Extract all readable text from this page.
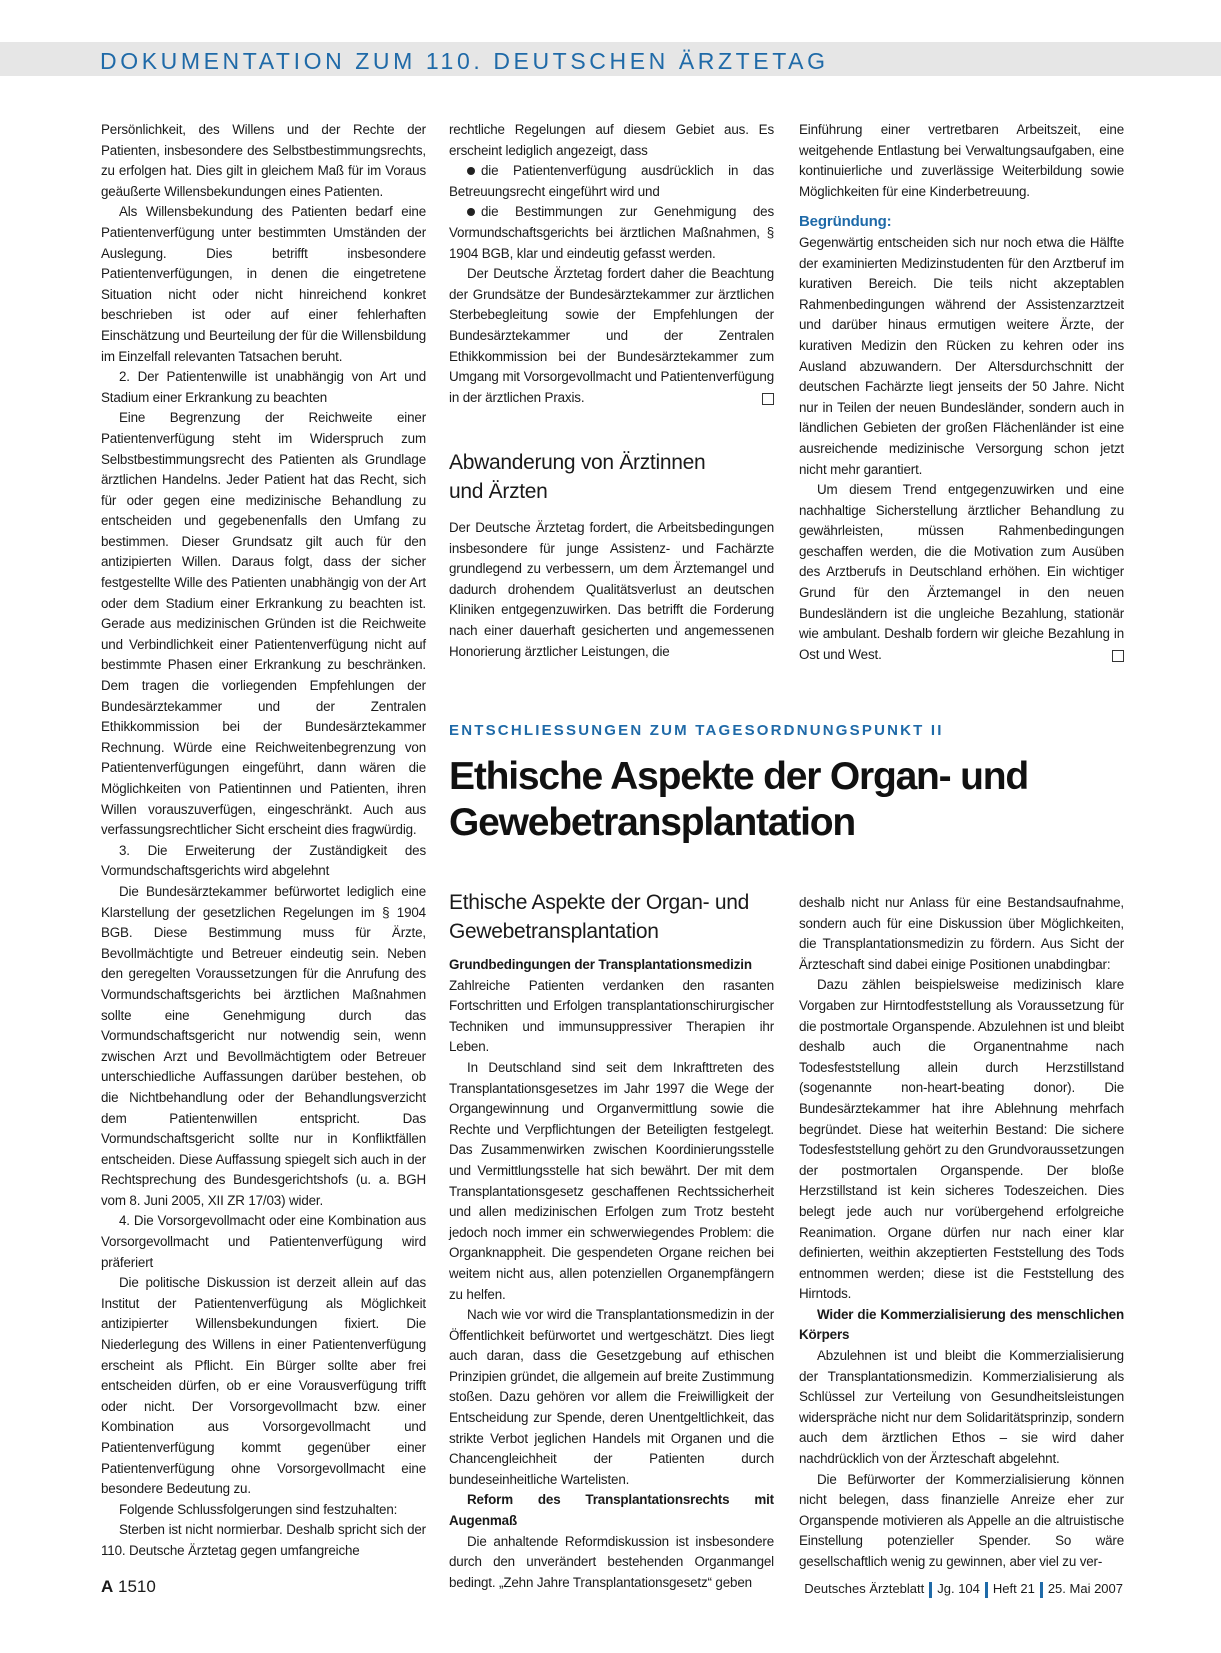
DOKUMENTATION ZUM 110. DEUTSCHEN ÄRZTETAG

Persönlichkeit, des Willens und der Rechte der Patienten, insbesondere des Selbstbestimmungsrechts, zu erfolgen hat. Dies gilt in gleichem Maß für im Voraus geäußerte Willensbekundungen eines Patienten.

Als Willensbekundung des Patienten bedarf eine Patientenverfügung unter bestimmten Umständen der Auslegung. Dies betrifft insbesondere Patientenverfügungen, in denen die eingetretene Situation nicht oder nicht hinreichend konkret beschrieben ist oder auf einer fehlerhaften Einschätzung und Beurteilung der für die Willensbildung im Einzelfall relevanten Tatsachen beruht.

2. Der Patientenwille ist unabhängig von Art und Stadium einer Erkrankung zu beachten

Eine Begrenzung der Reichweite einer Patientenverfügung steht im Widerspruch zum Selbstbestimmungsrecht des Patienten als Grundlage ärztlichen Handelns. Jeder Patient hat das Recht, sich für oder gegen eine medizinische Behandlung zu entscheiden und gegebenenfalls den Umfang zu bestimmen. Dieser Grundsatz gilt auch für den antizipierten Willen. Daraus folgt, dass der sicher festgestellte Wille des Patienten unabhängig von der Art oder dem Stadium einer Erkrankung zu beachten ist. Gerade aus medizinischen Gründen ist die Reichweite und Verbindlichkeit einer Patientenverfügung nicht auf bestimmte Phasen einer Erkrankung zu beschränken. Dem tragen die vorliegenden Empfehlungen der Bundesärztekammer und der Zentralen Ethikkommission bei der Bundesärztekammer Rechnung. Würde eine Reichweitenbegrenzung von Patientenverfügungen eingeführt, dann wären die Möglichkeiten von Patientinnen und Patienten, ihren Willen vorauszuverfügen, eingeschränkt. Auch aus verfassungsrechtlicher Sicht erscheint dies fragwürdig.

3. Die Erweiterung der Zuständigkeit des Vormundschaftsgerichts wird abgelehnt

Die Bundesärztekammer befürwortet lediglich eine Klarstellung der gesetzlichen Regelungen im § 1904 BGB. Diese Bestimmung muss für Ärzte, Bevollmächtigte und Betreuer eindeutig sein. Neben den geregelten Voraussetzungen für die Anrufung des Vormundschaftsgerichts bei ärztlichen Maßnahmen sollte eine Genehmigung durch das Vormundschaftsgericht nur notwendig sein, wenn zwischen Arzt und Bevollmächtigtem oder Betreuer unterschiedliche Auffassungen darüber bestehen, ob die Nichtbehandlung oder der Behandlungsverzicht dem Patientenwillen entspricht. Das Vormundschaftsgericht sollte nur in Konfliktfällen entscheiden. Diese Auffassung spiegelt sich auch in der Rechtsprechung des Bundesgerichtshofs (u. a. BGH vom 8. Juni 2005, XII ZR 17/03) wider.

4. Die Vorsorgevollmacht oder eine Kombination aus Vorsorgevollmacht und Patientenverfügung wird präferiert

Die politische Diskussion ist derzeit allein auf das Institut der Patientenverfügung als Möglichkeit antizipierter Willensbekundungen fixiert. Die Niederlegung des Willens in einer Patientenverfügung erscheint als Pflicht. Ein Bürger sollte aber frei entscheiden dürfen, ob er eine Vorausverfügung trifft oder nicht. Der Vorsorgevollmacht bzw. einer Kombination aus Vorsorgevollmacht und Patientenverfügung kommt gegenüber einer Patientenverfügung ohne Vorsorgevollmacht eine besondere Bedeutung zu.

Folgende Schlussfolgerungen sind festzuhalten:

Sterben ist nicht normierbar. Deshalb spricht sich der 110. Deutsche Ärztetag gegen umfangreiche

rechtliche Regelungen auf diesem Gebiet aus. Es erscheint lediglich angezeigt, dass

die Patientenverfügung ausdrücklich in das Betreuungsrecht eingeführt wird und

die Bestimmungen zur Genehmigung des Vormundschaftsgerichts bei ärztlichen Maßnahmen, § 1904 BGB, klar und eindeutig gefasst werden.

Der Deutsche Ärztetag fordert daher die Beachtung der Grundsätze der Bundesärztekammer zur ärztlichen Sterbebegleitung sowie der Empfehlungen der Bundesärztekammer und der Zentralen Ethikkommission bei der Bundesärztekammer zum Umgang mit Vorsorgevollmacht und Patientenverfügung in der ärztlichen Praxis.

Abwanderung von Ärztinnen
und Ärzten

Der Deutsche Ärztetag fordert, die Arbeitsbedingungen insbesondere für junge Assistenz- und Fachärzte grundlegend zu verbessern, um dem Ärztemangel und dadurch drohendem Qualitätsverlust an deutschen Kliniken entgegenzuwirken. Das betrifft die Forderung nach einer dauerhaft gesicherten und angemessenen Honorierung ärztlicher Leistungen, die

Einführung einer vertretbaren Arbeitszeit, eine weitgehende Entlastung bei Verwaltungsaufgaben, eine kontinuierliche und zuverlässige Weiterbildung sowie Möglichkeiten für eine Kinderbetreuung.

Begründung:

Gegenwärtig entscheiden sich nur noch etwa die Hälfte der examinierten Medizinstudenten für den Arztberuf im kurativen Bereich. Die teils nicht akzeptablen Rahmenbedingungen während der Assistenzarztzeit und darüber hinaus ermutigen weitere Ärzte, der kurativen Medizin den Rücken zu kehren oder ins Ausland abzuwandern. Der Altersdurchschnitt der deutschen Fachärzte liegt jenseits der 50 Jahre. Nicht nur in Teilen der neuen Bundesländer, sondern auch in ländlichen Gebieten der großen Flächenländer ist eine ausreichende medizinische Versorgung schon jetzt nicht mehr garantiert.

Um diesem Trend entgegenzuwirken und eine nachhaltige Sicherstellung ärztlicher Behandlung zu gewährleisten, müssen Rahmenbedingungen geschaffen werden, die die Motivation zum Ausüben des Arztberufs in Deutschland erhöhen. Ein wichtiger Grund für den Ärztemangel in den neuen Bundesländern ist die ungleiche Bezahlung, stationär wie ambulant. Deshalb fordern wir gleiche Bezahlung in Ost und West.

ENTSCHLIESSUNGEN ZUM TAGESORDNUNGSPUNKT II
Ethische Aspekte der Organ- und
Gewebetransplantation
Ethische Aspekte der Organ- und
Gewebetransplantation

Grundbedingungen der Transplantationsmedizin

Zahlreiche Patienten verdanken den rasanten Fortschritten und Erfolgen transplantationschirurgischer Techniken und immunsuppressiver Therapien ihr Leben.

In Deutschland sind seit dem Inkrafttreten des Transplantationsgesetzes im Jahr 1997 die Wege der Organgewinnung und Organvermittlung sowie die Rechte und Verpflichtungen der Beteiligten festgelegt. Das Zusammenwirken zwischen Koordinierungsstelle und Vermittlungsstelle hat sich bewährt. Der mit dem Transplantationsgesetz geschaffenen Rechtssicherheit und allen medizinischen Erfolgen zum Trotz besteht jedoch noch immer ein schwerwiegendes Problem: die Organknappheit. Die gespendeten Organe reichen bei weitem nicht aus, allen potenziellen Organempfängern zu helfen.

Nach wie vor wird die Transplantationsmedizin in der Öffentlichkeit befürwortet und wertgeschätzt. Dies liegt auch daran, dass die Gesetzgebung auf ethischen Prinzipien gründet, die allgemein auf breite Zustimmung stoßen. Dazu gehören vor allem die Freiwilligkeit der Entscheidung zur Spende, deren Unentgeltlichkeit, das strikte Verbot jeglichen Handels mit Organen und die Chancengleichheit der Patienten durch bundeseinheitliche Wartelisten.

Reform des Transplantationsrechts mit Augenmaß

Die anhaltende Reformdiskussion ist insbesondere durch den unverändert bestehenden Organmangel bedingt. „Zehn Jahre Transplantationsgesetz“ geben

deshalb nicht nur Anlass für eine Bestandsaufnahme, sondern auch für eine Diskussion über Möglichkeiten, die Transplantationsmedizin zu fördern. Aus Sicht der Ärzteschaft sind dabei einige Positionen unabdingbar:

Dazu zählen beispielsweise medizinisch klare Vorgaben zur Hirntodfeststellung als Voraussetzung für die postmortale Organspende. Abzulehnen ist und bleibt deshalb auch die Organentnahme nach Todesfeststellung allein durch Herzstillstand (sogenannte non-heart-beating donor). Die Bundesärztekammer hat ihre Ablehnung mehrfach begründet. Diese hat weiterhin Bestand: Die sichere Todesfeststellung gehört zu den Grundvoraussetzungen der postmortalen Organspende. Der bloße Herzstillstand ist kein sicheres Todeszeichen. Dies belegt jede auch nur vorübergehend erfolgreiche Reanimation. Organe dürfen nur nach einer klar definierten, weithin akzeptierten Feststellung des Tods entnommen werden; diese ist die Feststellung des Hirntods.

Wider die Kommerzialisierung des menschlichen Körpers

Abzulehnen ist und bleibt die Kommerzialisierung der Transplantationsmedizin. Kommerzialisierung als Schlüssel zur Verteilung von Gesundheitsleistungen widerspräche nicht nur dem Solidaritätsprinzip, sondern auch dem ärztlichen Ethos – sie wird daher nachdrücklich von der Ärzteschaft abgelehnt.

Die Befürworter der Kommerzialisierung können nicht belegen, dass finanzielle Anreize eher zur Organspende motivieren als Appelle an die altruistische Einstellung potenzieller Spender. So wäre gesellschaftlich wenig zu gewinnen, aber viel zu ver-

A 1510	Deutsches Ärzteblatt Jg. 104 Heft 21 25. Mai 2007
